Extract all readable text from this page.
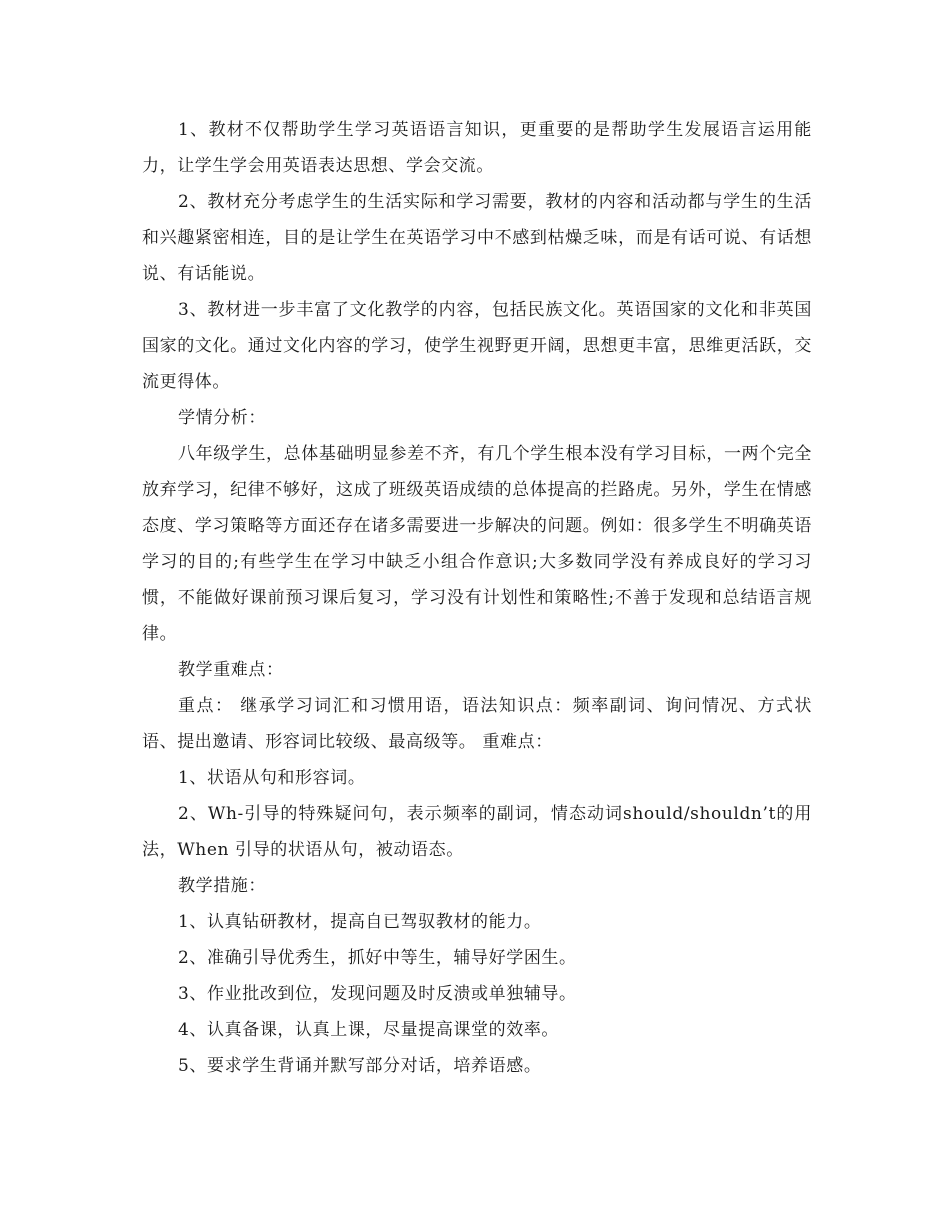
1、教材不仅帮助学生学习英语语言知识，更重要的是帮助学生发展语言运用能力，让学生学会用英语表达思想、学会交流。

2、教材充分考虑学生的生活实际和学习需要，教材的内容和活动都与学生的生活和兴趣紧密相连，目的是让学生在英语学习中不感到枯燥乏味，而是有话可说、有话想说、有话能说。

3、教材进一步丰富了文化教学的内容，包括民族文化。英语国家的文化和非英国国家的文化。通过文化内容的学习，使学生视野更开阔，思想更丰富，思维更活跃，交流更得体。

学情分析：

八年级学生，总体基础明显参差不齐，有几个学生根本没有学习目标，一两个完全放弃学习，纪律不够好，这成了班级英语成绩的总体提高的拦路虎。另外，学生在情感态度、学习策略等方面还存在诸多需要进一步解决的问题。例如：很多学生不明确英语学习的目的;有些学生在学习中缺乏小组合作意识;大多数同学没有养成良好的学习习惯，不能做好课前预习课后复习，学习没有计划性和策略性;不善于发现和总结语言规律。

教学重难点：

重点： 继承学习词汇和习惯用语，语法知识点：频率副词、询问情况、方式状语、提出邀请、形容词比较级、最高级等。 重难点：

1、状语从句和形容词。

2、Wh-引导的特殊疑问句，表示频率的副词，情态动词should/shouldn’t的用法，When 引导的状语从句，被动语态。

教学措施：

1、认真钻研教材，提高自已驾驭教材的能力。

2、准确引导优秀生，抓好中等生，辅导好学困生。

3、作业批改到位，发现问题及时反溃或单独辅导。

4、认真备课，认真上课，尽量提高课堂的效率。

5、要求学生背诵并默写部分对话，培养语感。
